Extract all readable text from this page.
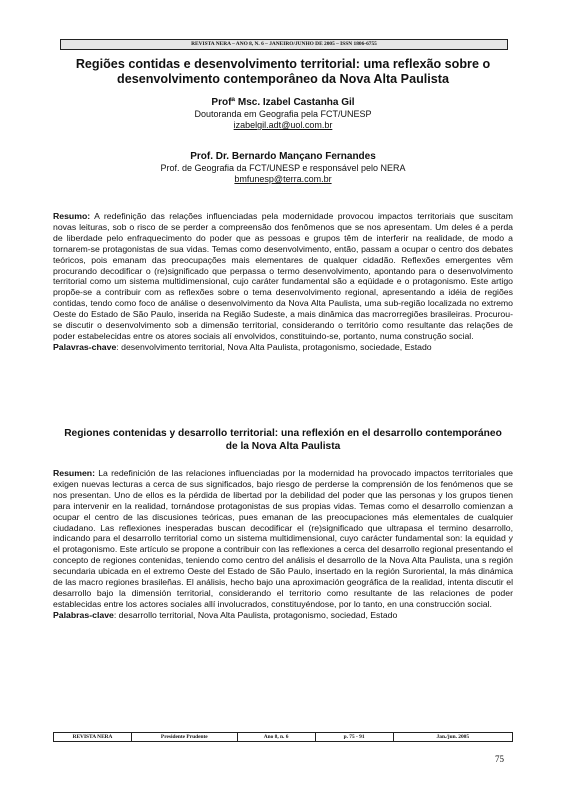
REVISTA NERA – ANO 8, N. 6 – JANEIRO/JUNHO DE 2005 – ISSN 1806-6755
Regiões contidas e desenvolvimento territorial: uma reflexão sobre o desenvolvimento contemporâneo da Nova Alta Paulista
Profª Msc. Izabel Castanha Gil
Doutoranda em Geografia pela FCT/UNESP
izabelgil.adt@uol.com.br
Prof. Dr. Bernardo Mançano Fernandes
Prof. de Geografia da FCT/UNESP e responsável pelo NERA
bmfunesp@terra.com.br
Resumo: A redefinição das relações influenciadas pela modernidade provocou impactos territoriais que suscitam novas leituras, sob o risco de se perder a compreensão dos fenômenos que se nos apresentam. Um deles é a perda de liberdade pelo enfraquecimento do poder que as pessoas e grupos têm de interferir na realidade, de modo a tornarem-se protagonistas de sua vidas. Temas como desenvolvimento, então, passam a ocupar o centro dos debates teóricos, pois emanam das preocupações mais elementares de qualquer cidadão. Reflexões emergentes vêm procurando decodificar o (re)significado que perpassa o termo desenvolvimento, apontando para o desenvolvimento territorial como um sistema multidimensional, cujo caráter fundamental são a eqüidade e o protagonismo. Este artigo propõe-se a contribuir com as reflexões sobre o tema desenvolvimento regional, apresentando a idéia de regiões contidas, tendo como foco de análise o desenvolvimento da Nova Alta Paulista, uma sub-região localizada no extremo Oeste do Estado de São Paulo, inserida na Região Sudeste, a mais dinâmica das macrorregiões brasileiras. Procurou-se discutir o desenvolvimento sob a dimensão territorial, considerando o território como resultante das relações de poder estabelecidas entre os atores sociais alí envolvidos, constituindo-se, portanto, numa construção social.
Palavras-chave: desenvolvimento territorial, Nova Alta Paulista, protagonismo, sociedade, Estado
Regiones contenidas y desarrollo territorial: una reflexión en el desarrollo contemporáneo de la Nova Alta Paulista
Resumen: La redefinición de las relaciones influenciadas por la modernidad ha provocado impactos territoriales que exigen nuevas lecturas a cerca de sus significados, bajo riesgo de perderse la comprensión de los fenómenos que se nos presentan. Uno de ellos es la pérdida de libertad por la debilidad del poder que las personas y los grupos tienen para intervenir en la realidad, tornándose protagonistas de sus propias vidas. Temas como el desarrollo comienzan a ocupar el centro de las discusiones teóricas, pues emanan de las preocupaciones más elementales de cualquier ciudadano. Las reflexiones inesperadas buscan decodificar el (re)significado que ultrapasa el termino desarrollo, indicando para el desarrollo territorial como un sistema multidimensional, cuyo carácter fundamental son: la equidad y el protagonismo. Este artículo se propone a contribuir con las reflexiones a cerca del desarrollo regional presentando el concepto de regiones contenidas, teniendo como centro del análisis el desarrollo de la Nova Alta Paulista, una s región secundaria ubicada en el extremo Oeste del Estado de São Paulo, insertado en la región Suroriental, la más dinámica de las macro regiones brasileñas. El análisis, hecho bajo una aproximación geográfica de la realidad, intenta discutir el desarrollo bajo la dimensión territorial, considerando el territorio como resultante de las relaciones de poder establecidas entre los actores sociales allí involucrados, constituyéndose, por lo tanto, en una construcción social.
Palabras-clave: desarrollo territorial, Nova Alta Paulista, protagonismo, sociedad, Estado
REVISTA NERA	Presidente Prudente	Ano 8, n. 6	p. 75 - 91	Jan./jun. 2005
75
